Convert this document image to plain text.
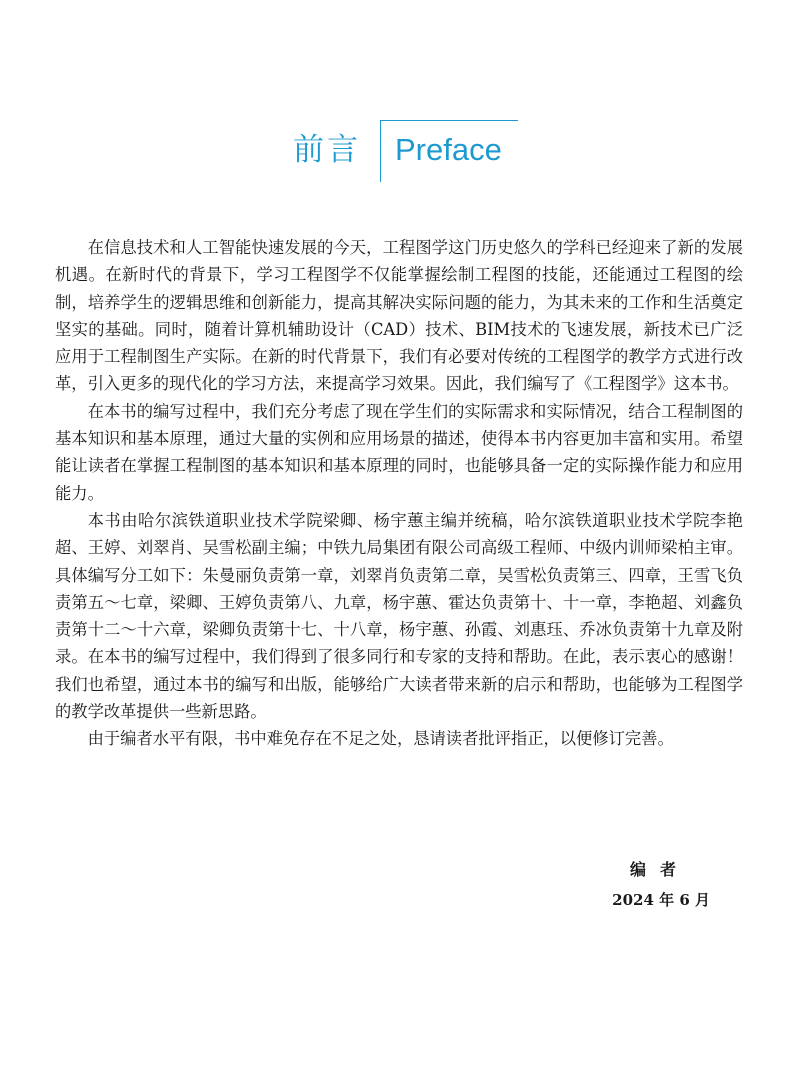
前言 Preface

在信息技术和人工智能快速发展的今天，工程图学这门历史悠久的学科已经迎来了新的发展机遇。在新时代的背景下，学习工程图学不仅能掌握绘制工程图的技能，还能通过工程图的绘制，培养学生的逻辑思维和创新能力，提高其解决实际问题的能力，为其未来的工作和生活奠定坚实的基础。同时，随着计算机辅助设计（CAD）技术、BIM技术的飞速发展，新技术已广泛应用于工程制图生产实际。在新的时代背景下，我们有必要对传统的工程图学的教学方式进行改革，引入更多的现代化的学习方法，来提高学习效果。因此，我们编写了《工程图学》这本书。

在本书的编写过程中，我们充分考虑了现在学生们的实际需求和实际情况，结合工程制图的基本知识和基本原理，通过大量的实例和应用场景的描述，使得本书内容更加丰富和实用。希望能让读者在掌握工程制图的基本知识和基本原理的同时，也能够具备一定的实际操作能力和应用能力。

本书由哈尔滨铁道职业技术学院梁卿、杨宇蕙主编并统稿，哈尔滨铁道职业技术学院李艳超、王婷、刘翠肖、吴雪松副主编；中铁九局集团有限公司高级工程师、中级内训师梁柏主审。具体编写分工如下：朱曼丽负责第一章，刘翠肖负责第二章，吴雪松负责第三、四章，王雪飞负责第五～七章，梁卿、王婷负责第八、九章，杨宇蕙、霍达负责第十、十一章，李艳超、刘鑫负责第十二～十六章，梁卿负责第十七、十八章，杨宇蕙、孙霞、刘惠珏、乔冰负责第十九章及附录。在本书的编写过程中，我们得到了很多同行和专家的支持和帮助。在此，表示衷心的感谢！我们也希望，通过本书的编写和出版，能够给广大读者带来新的启示和帮助，也能够为工程图学的教学改革提供一些新思路。

由于编者水平有限，书中难免存在不足之处，恳请读者批评指正，以便修订完善。

编者
2024 年 6 月
